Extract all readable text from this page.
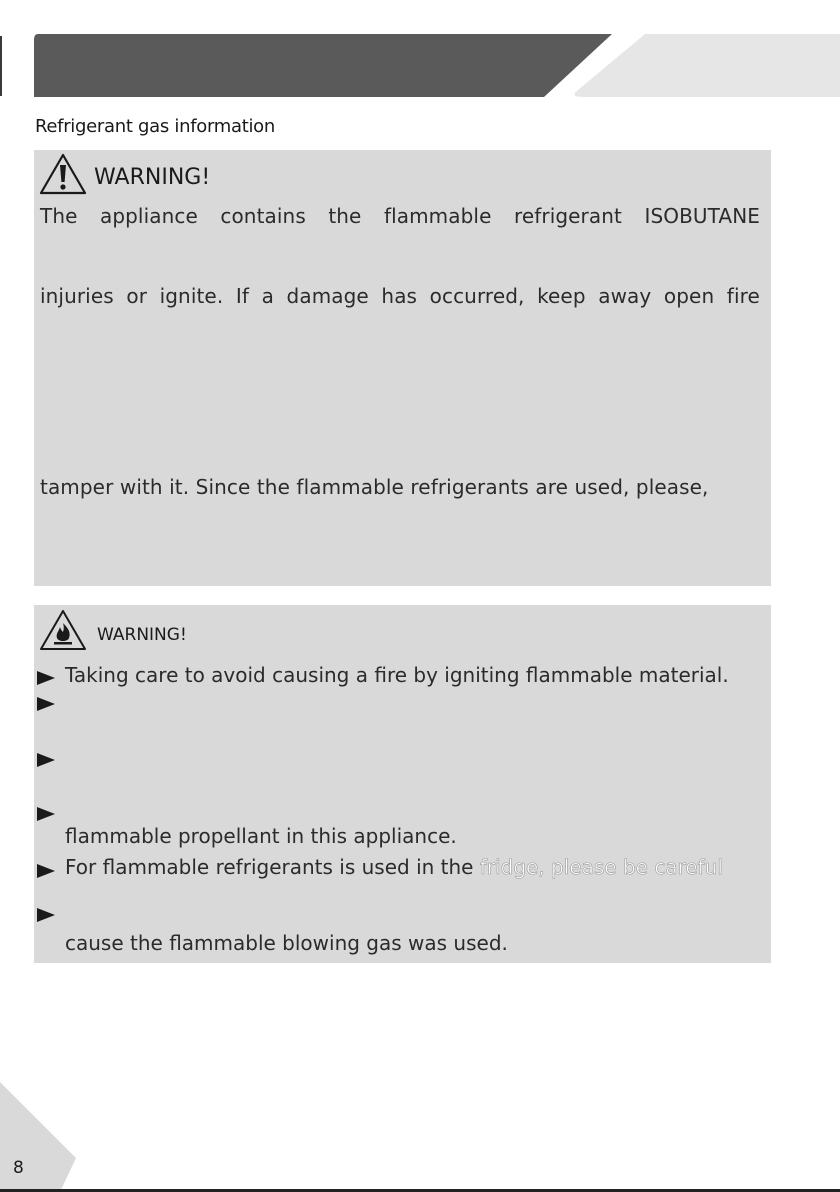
Refrigerant gas information
WARNING!
The appliance contains the flammable refrigerant ISOBUTANE
injuries or ignite. If a damage has occurred, keep away open fire
tamper with it. Since the flammable refrigerants are used, please,
WARNING!
Taking care to avoid causing a fire by igniting flammable material.
flammable propellant in this appliance.
For flammable refrigerants is used in the fridge, please be careful
cause the flammable blowing gas was used.
8
